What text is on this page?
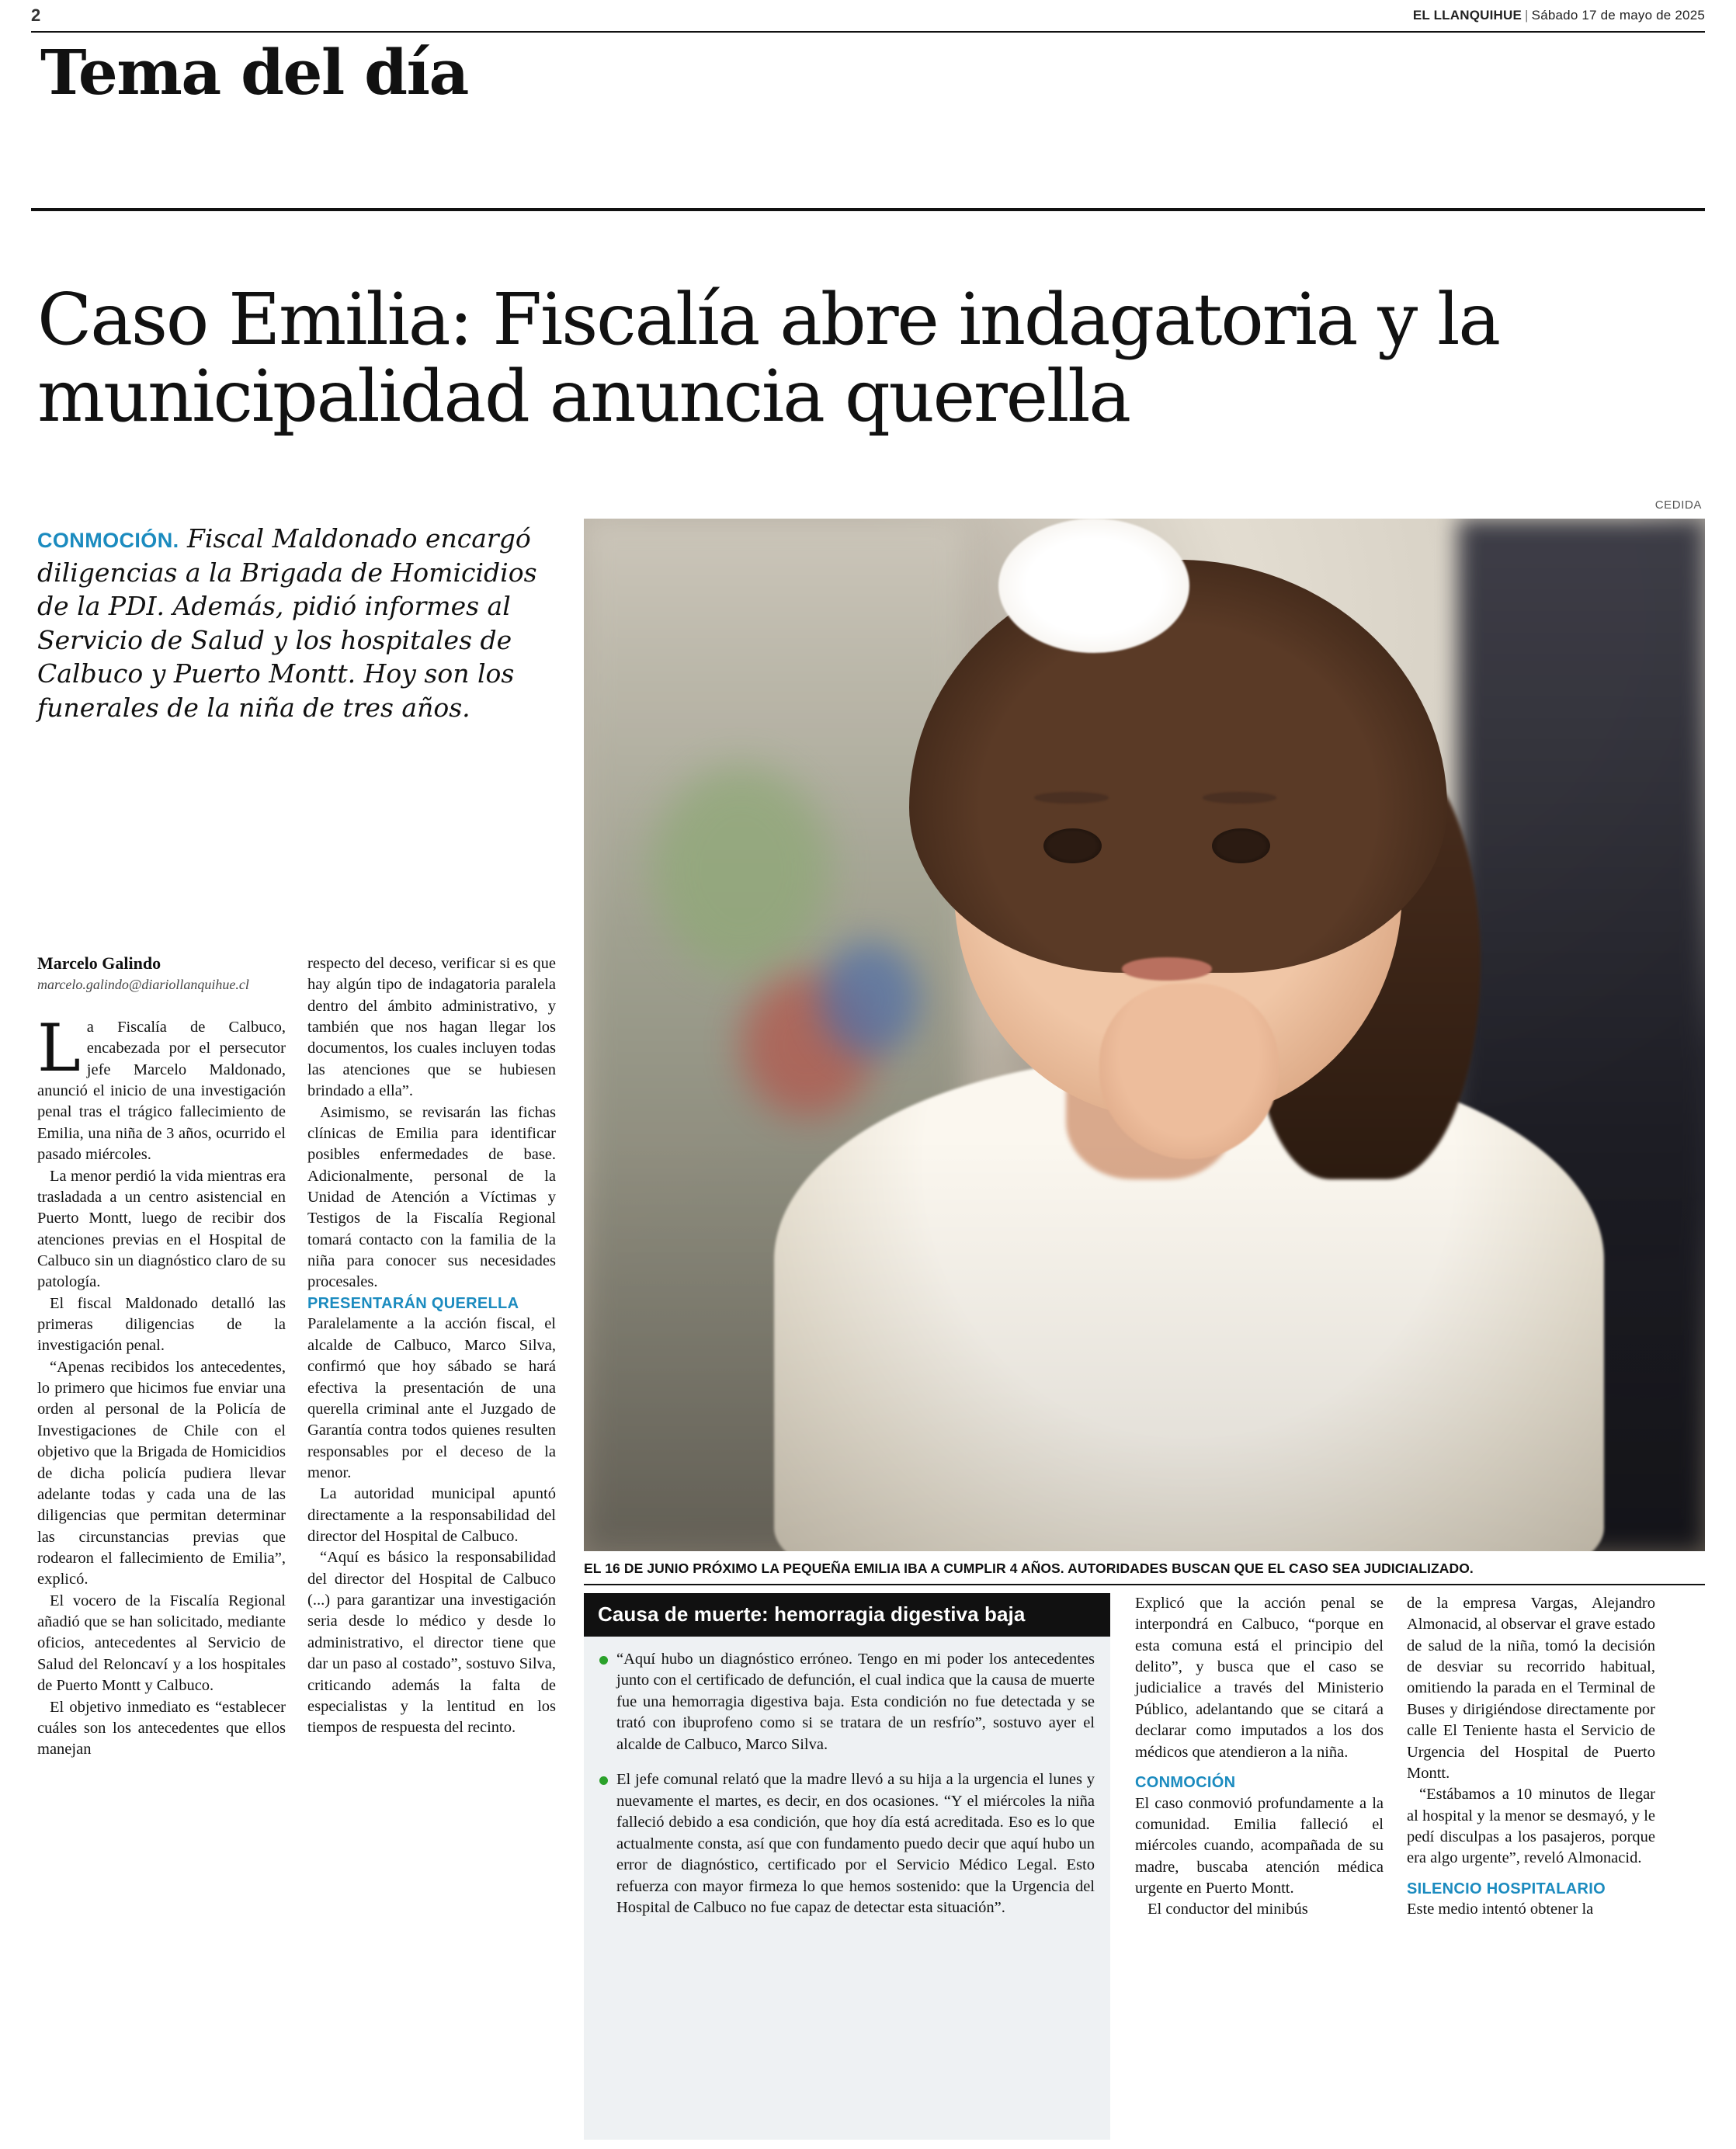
2	EL LLANQUIHUE | Sábado 17 de mayo de 2025
Tema del día
Caso Emilia: Fiscalía abre indagatoria y la municipalidad anuncia querella
CONMOCIÓN. Fiscal Maldonado encargó diligencias a la Brigada de Homicidios de la PDI. Además, pidió informes al Servicio de Salud y los hospitales de Calbuco y Puerto Montt. Hoy son los funerales de la niña de tres años.
Marcelo Galindo
marcelo.galindo@diariollanquihue.cl

La Fiscalía de Calbuco, encabezada por el persecutor jefe Marcelo Maldonado, anunció el inicio de una investigación penal tras el trágico fallecimiento de Emilia, una niña de 3 años, ocurrido el pasado miércoles.

La menor perdió la vida mientras era trasladada a un centro asistencial en Puerto Montt, luego de recibir dos atenciones previas en el Hospital de Calbuco sin un diagnóstico claro de su patología.

El fiscal Maldonado detalló las primeras diligencias de la investigación penal.

“Apenas recibidos los antecedentes, lo primero que hicimos fue enviar una orden al personal de la Policía de Investigaciones de Chile con el objetivo que la Brigada de Homicidios de dicha policía pudiera llevar adelante todas y cada una de las diligencias que permitan determinar las circunstancias previas que rodearon el fallecimiento de Emilia”, explicó.

El vocero de la Fiscalía Regional añadió que se han solicitado, mediante oficios, antecedentes al Servicio de Salud del Reloncaví y a los hospitales de Puerto Montt y Calbuco.

El objetivo inmediato es “establecer cuáles son los antecedentes que ellos manejan

respecto del deceso, verificar si es que hay algún tipo de indagatoria paralela dentro del ámbito administrativo, y también que nos hagan llegar los documentos, los cuales incluyen todas las atenciones que se hubiesen brindado a ella”.

Asimismo, se revisarán las fichas clínicas de Emilia para identificar posibles enfermedades de base. Adicionalmente, personal de la Unidad de Atención a Víctimas y Testigos de la Fiscalía Regional tomará contacto con la familia de la niña para conocer sus necesidades procesales.

PRESENTARÁN QUERELLA

Paralelamente a la acción fiscal, el alcalde de Calbuco, Marco Silva, confirmó que hoy sábado se hará efectiva la presentación de una querella criminal ante el Juzgado de Garantía contra todos quienes resulten responsables por el deceso de la menor.

La autoridad municipal apuntó directamente a la responsabilidad del director del Hospital de Calbuco.

“Aquí es básico la responsabilidad del director del Hospital de Calbuco (...) para garantizar una investigación seria desde lo médico y desde lo administrativo, el director tiene que dar un paso al costado”, sostuvo Silva, criticando además la falta de especialistas y la lentitud en los tiempos de respuesta del recinto.

CEDIDA
EL 16 DE JUNIO PRÓXIMO LA PEQUEÑA EMILIA IBA A CUMPLIR 4 AÑOS. AUTORIDADES BUSCAN QUE EL CASO SEA JUDICIALIZADO.
Causa de muerte: hemorragia digestiva baja
“Aquí hubo un diagnóstico erróneo. Tengo en mi poder los antecedentes junto con el certificado de defunción, el cual indica que la causa de muerte fue una hemorragia digestiva baja. Esta condición no fue detectada y se trató con ibuprofeno como si se tratara de un resfrío”, sostuvo ayer el alcalde de Calbuco, Marco Silva.
El jefe comunal relató que la madre llevó a su hija a la urgencia el lunes y nuevamente el martes, es decir, en dos ocasiones. “Y el miércoles la niña falleció debido a esa condición, que hoy día está acreditada. Eso es lo que actualmente consta, así que con fundamento puedo decir que aquí hubo un error de diagnóstico, certificado por el Servicio Médico Legal. Esto refuerza con mayor firmeza lo que hemos sostenido: que la Urgencia del Hospital de Calbuco no fue capaz de detectar esta situación”.

Explicó que la acción penal se interpondrá en Calbuco, “porque en esta comuna está el principio del delito”, y busca que el caso se judicialice a través del Ministerio Público, adelantando que se citará a declarar como imputados a los dos médicos que atendieron a la niña.

CONMOCIÓN

El caso conmovió profundamente a la comunidad. Emilia falleció el miércoles cuando, acompañada de su madre, buscaba atención médica urgente en Puerto Montt.

El conductor del minibús

de la empresa Vargas, Alejandro Almonacid, al observar el grave estado de salud de la niña, tomó la decisión de desviar su recorrido habitual, omitiendo la parada en el Terminal de Buses y dirigiéndose directamente por calle El Teniente hasta el Servicio de Urgencia del Hospital de Puerto Montt.

“Estábamos a 10 minutos de llegar al hospital y la menor se desmayó, y le pedí disculpas a los pasajeros, porque era algo urgente”, reveló Almonacid.

SILENCIO HOSPITALARIO

Este medio intentó obtener la
